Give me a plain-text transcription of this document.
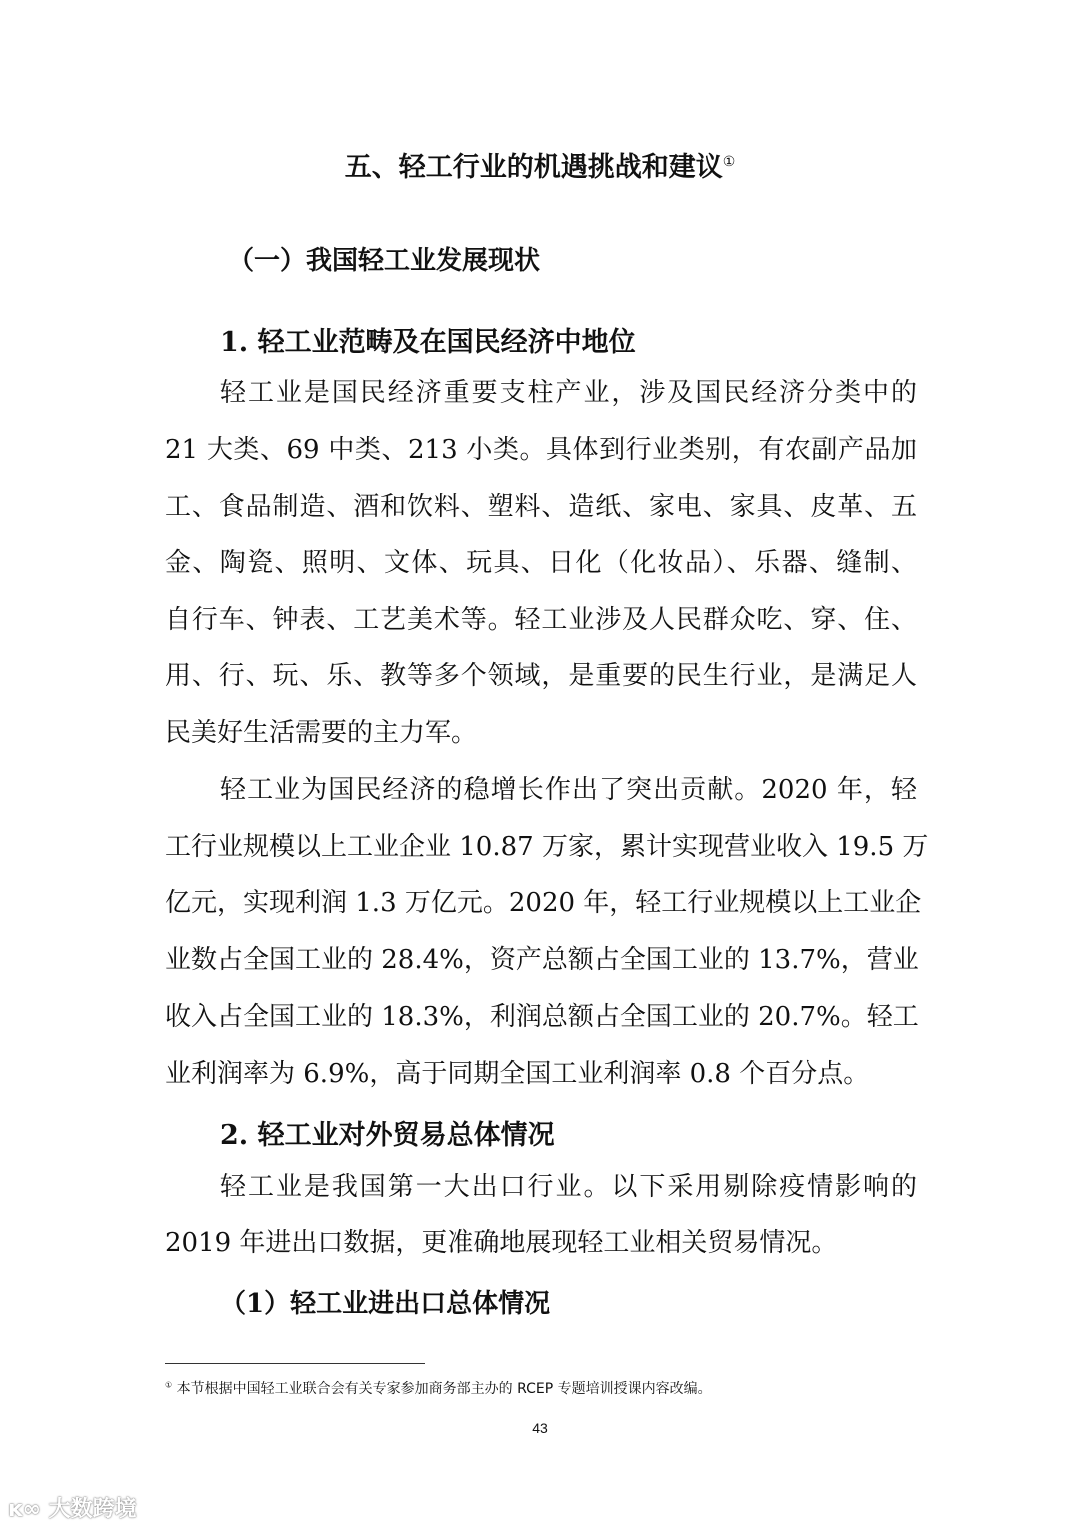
五、轻工行业的机遇挑战和建议①
（一）我国轻工业发展现状
1. 轻工业范畴及在国民经济中地位
轻工业是国民经济重要支柱产业，涉及国民经济分类中的
21 大类、69 中类、213 小类。具体到行业类别，有农副产品加
工、食品制造、酒和饮料、塑料、造纸、家电、家具、皮革、五
金、陶瓷、照明、文体、玩具、日化（化妆品）、乐器、缝制、
自行车、钟表、工艺美术等。轻工业涉及人民群众吃、穿、住、
用、行、玩、乐、教等多个领域，是重要的民生行业，是满足人
民美好生活需要的主力军。
轻工业为国民经济的稳增长作出了突出贡献。2020 年，轻
工行业规模以上工业企业 10.87 万家，累计实现营业收入 19.5 万
亿元，实现利润 1.3 万亿元。2020 年，轻工行业规模以上工业企
业数占全国工业的 28.4%，资产总额占全国工业的 13.7%，营业
收入占全国工业的 18.3%，利润总额占全国工业的 20.7%。轻工
业利润率为 6.9%，高于同期全国工业利润率 0.8 个百分点。
2. 轻工业对外贸易总体情况
轻工业是我国第一大出口行业。以下采用剔除疫情影响的
2019 年进出口数据，更准确地展现轻工业相关贸易情况。
（1）轻工业进出口总体情况
① 本节根据中国轻工业联合会有关专家参加商务部主办的 RCEP 专题培训授课内容改编。
43
ᴋ∞ 大数跨境
